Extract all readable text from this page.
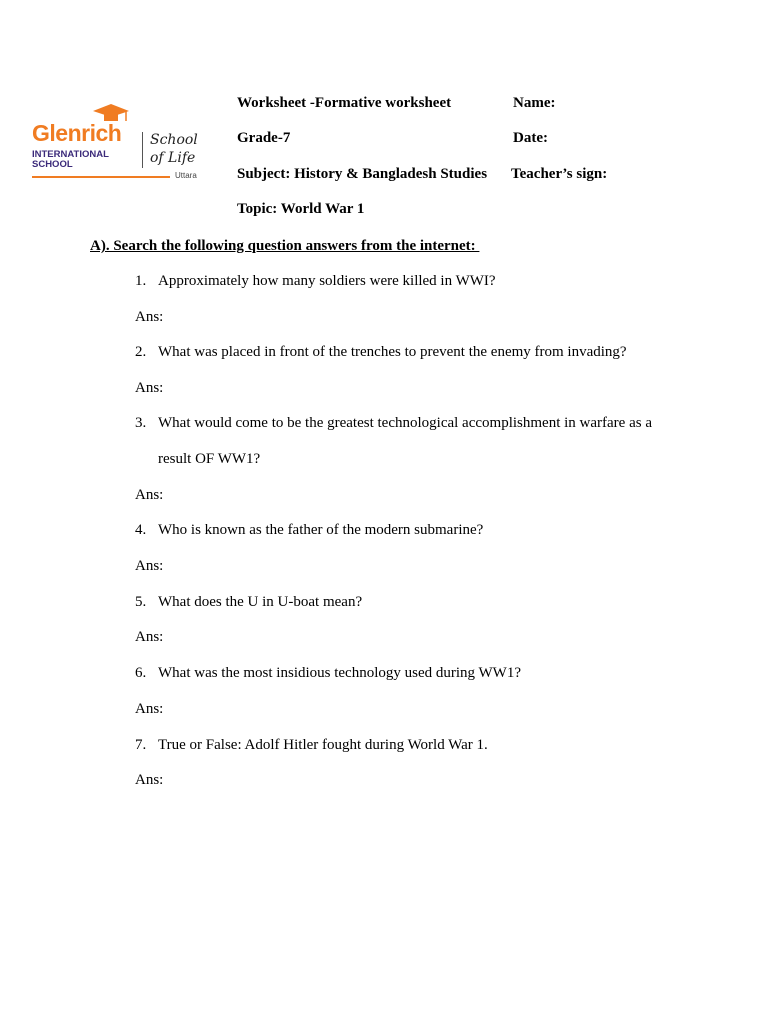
Glenrich
INTERNATIONAL
SCHOOL
School
of Life
Uttara
Worksheet -Formative worksheet
Grade-7
Subject: History & Bangladesh Studies
Topic: World War 1
Name:
Date:
Teacher’s sign:
A). Search the following question answers from the internet:
1. Approximately how many soldiers were killed in WWI?
Ans:
2. What was placed in front of the trenches to prevent the enemy from invading?
Ans:
3. What would come to be the greatest technological accomplishment in warfare as a
result OF WW1?
Ans:
4. Who is known as the father of the modern submarine?
Ans:
5. What does the U in U-boat mean?
Ans:
6. What was the most insidious technology used during WW1?
Ans:
7. True or False: Adolf Hitler fought during World War 1.
Ans:
